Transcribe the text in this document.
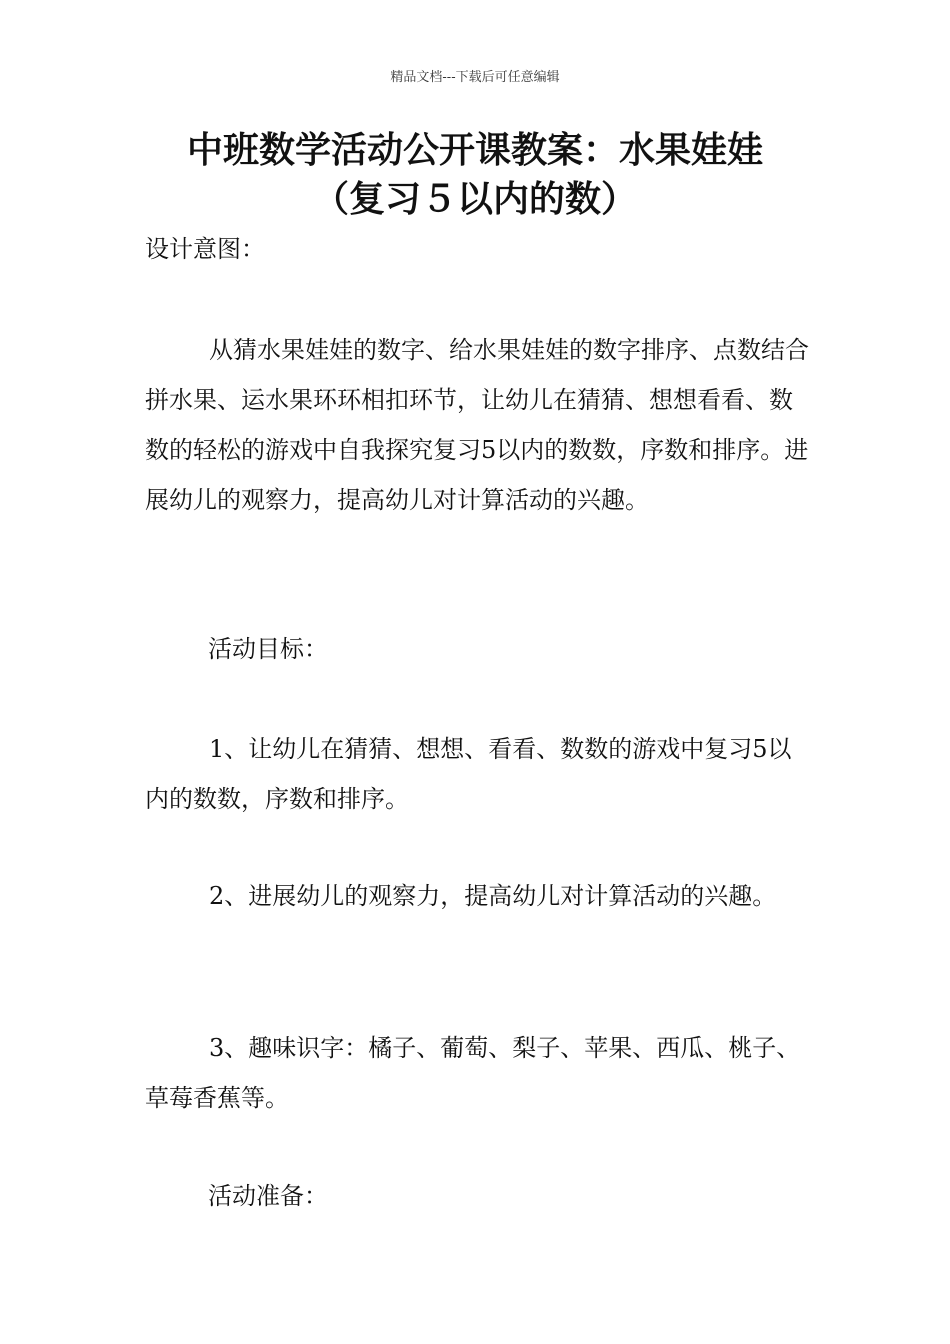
精品文档---下载后可任意编辑
中班数学活动公开课教案：水果娃娃
（复习５以内的数）
设计意图：

从猜水果娃娃的数字、给水果娃娃的数字排序、点数结合拼水果、运水果环环相扣环节，让幼儿在猜猜、想想看看、数数的轻松的游戏中自我探究复习5以内的数数，序数和排序。进展幼儿的观察力，提高幼儿对计算活动的兴趣。

活动目标：

1、让幼儿在猜猜、想想、看看、数数的游戏中复习5以内的数数，序数和排序。

2、进展幼儿的观察力，提高幼儿对计算活动的兴趣。

3、趣味识字：橘子、葡萄、梨子、苹果、西瓜、桃子、草莓香蕉等。

活动准备：
